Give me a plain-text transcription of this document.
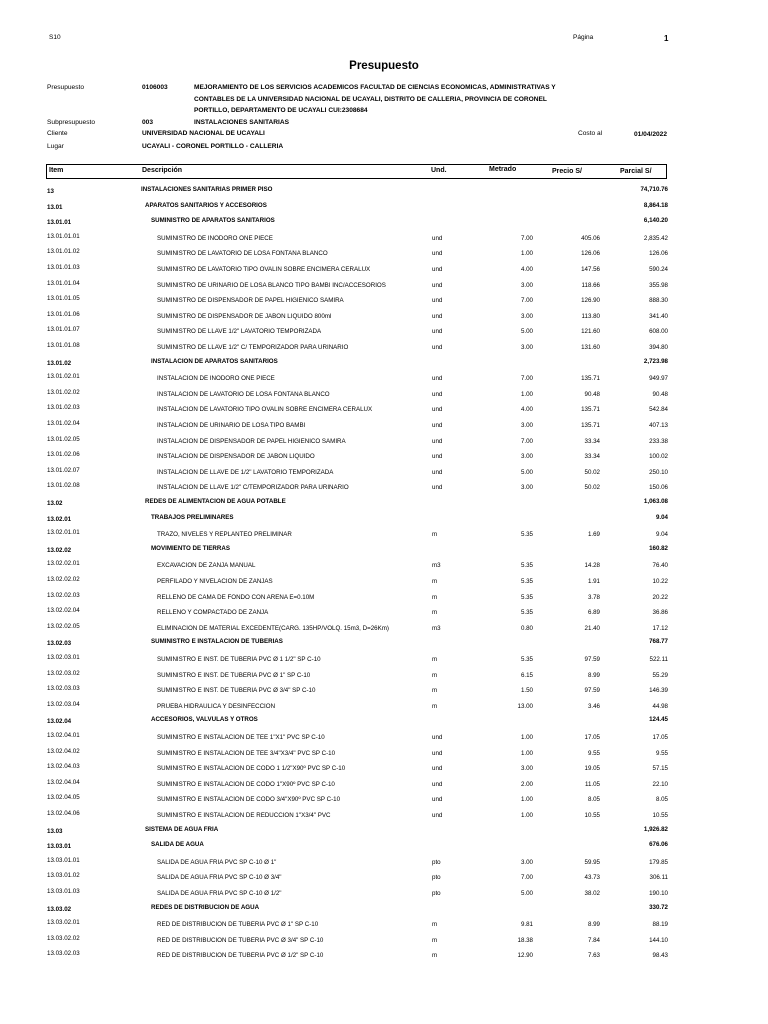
S10	Página	1
Presupuesto
Presupuesto	0106003	MEJORAMIENTO DE LOS SERVICIOS ACADEMICOS FACULTAD DE CIENCIAS ECONOMICAS, ADMINISTRATIVAS Y
CONTABLES DE LA UNIVERSIDAD NACIONAL DE UCAYALI, DISTRITO DE CALLERIA, PROVINCIA DE CORONEL
PORTILLO, DEPARTAMENTO DE UCAYALI CUI:2308684
Subpresupuesto	003	INSTALACIONES SANITARIAS
Cliente	UNIVERSIDAD NACIONAL DE UCAYALI	Costo al	01/04/2022
Lugar	UCAYALI - CORONEL PORTILLO - CALLERIA
Item	Descripción	Und.	Metrado	Precio S/	Parcial S/
13	INSTALACIONES SANITARIAS PRIMER PISO	74,710.76
13.01	APARATOS SANITARIOS Y ACCESORIOS	8,864.18
13.01.01	SUMINISTRO DE APARATOS SANITARIOS	6,140.20
13.01.01.01	SUMINISTRO DE INODORO ONE PIECE	und	7.00	405.06	2,835.42
13.01.01.02	SUMINISTRO DE LAVATORIO DE LOSA FONTANA BLANCO	und	1.00	126.06	126.06
13.01.01.03	SUMINISTRO DE LAVATORIO TIPO OVALIN SOBRE ENCIMERA CERALUX	und	4.00	147.56	590.24
13.01.01.04	SUMINISTRO DE URINARIO DE LOSA BLANCO TIPO BAMBI INC/ACCESORIOS	und	3.00	118.66	355.98
13.01.01.05	SUMINISTRO DE DISPENSADOR DE PAPEL HIGIENICO SAMIRA	und	7.00	126.90	888.30
13.01.01.06	SUMINISTRO DE DISPENSADOR DE JABON LIQUIDO 800ml	und	3.00	113.80	341.40
13.01.01.07	SUMINISTRO DE LLAVE 1/2" LAVATORIO TEMPORIZADA	und	5.00	121.60	608.00
13.01.01.08	SUMINISTRO DE LLAVE 1/2" C/ TEMPORIZADOR PARA URINARIO	und	3.00	131.60	394.80
13.01.02	INSTALACION DE APARATOS SANITARIOS	2,723.98
13.01.02.01	INSTALACION DE INODORO ONE PIECE	und	7.00	135.71	949.97
13.01.02.02	INSTALACION DE LAVATORIO DE LOSA FONTANA BLANCO	und	1.00	90.48	90.48
13.01.02.03	INSTALACION DE LAVATORIO TIPO OVALIN SOBRE ENCIMERA CERALUX	und	4.00	135.71	542.84
13.01.02.04	INSTALACION DE URINARIO DE LOSA TIPO BAMBI	und	3.00	135.71	407.13
13.01.02.05	INSTALACION DE DISPENSADOR DE PAPEL HIGIENICO SAMIRA	und	7.00	33.34	233.38
13.01.02.06	INSTALACION DE DISPENSADOR DE JABON LIQUIDO	und	3.00	33.34	100.02
13.01.02.07	INSTALACION DE LLAVE DE 1/2" LAVATORIO TEMPORIZADA	und	5.00	50.02	250.10
13.01.02.08	INSTALACION DE LLAVE 1/2" C/TEMPORIZADOR PARA URINARIO	und	3.00	50.02	150.06
13.02	REDES DE ALIMENTACION DE AGUA POTABLE	1,063.08
13.02.01	TRABAJOS PRELIMINARES	9.04
13.02.01.01	TRAZO, NIVELES Y REPLANTEO PRELIMINAR	m	5.35	1.69	9.04
13.02.02	MOVIMIENTO DE TIERRAS	160.82
13.02.02.01	EXCAVACION DE ZANJA MANUAL	m3	5.35	14.28	76.40
13.02.02.02	PERFILADO Y NIVELACION DE ZANJAS	m	5.35	1.91	10.22
13.02.02.03	RELLENO DE CAMA DE FONDO CON ARENA E=0.10M	m	5.35	3.78	20.22
13.02.02.04	RELLENO Y COMPACTADO DE ZANJA	m	5.35	6.89	36.86
13.02.02.05	ELIMINACION DE MATERIAL EXCEDENTE(CARG. 135HP/VOLQ. 15m3, D=26Km)	m3	0.80	21.40	17.12
13.02.03	SUMINISTRO E INSTALACION DE TUBERIAS	768.77
13.02.03.01	SUMINISTRO E INST. DE TUBERIA PVC Ø 1 1/2" SP C-10	m	5.35	97.59	522.11
13.02.03.02	SUMINISTRO E INST. DE TUBERIA PVC Ø 1" SP C-10	m	6.15	8.99	55.29
13.02.03.03	SUMINISTRO E INST. DE TUBERIA PVC Ø 3/4" SP C-10	m	1.50	97.59	146.39
13.02.03.04	PRUEBA HIDRAULICA Y DESINFECCION	m	13.00	3.46	44.98
13.02.04	ACCESORIOS, VALVULAS Y OTROS	124.45
13.02.04.01	SUMINISTRO E INSTALACION DE TEE 1"X1" PVC SP C-10	und	1.00	17.05	17.05
13.02.04.02	SUMINISTRO E INSTALACION DE TEE 3/4"X3/4" PVC SP C-10	und	1.00	9.55	9.55
13.02.04.03	SUMINISTRO E INSTALACION DE CODO 1 1/2"X90º PVC SP C-10	und	3.00	19.05	57.15
13.02.04.04	SUMINISTRO E INSTALACION DE CODO 1"X90º PVC SP C-10	und	2.00	11.05	22.10
13.02.04.05	SUMINISTRO E INSTALACION DE CODO 3/4"X90º PVC SP C-10	und	1.00	8.05	8.05
13.02.04.06	SUMINISTRO E INSTALACION DE REDUCCION 1"X3/4" PVC	und	1.00	10.55	10.55
13.03	SISTEMA DE AGUA FRIA	1,926.82
13.03.01	SALIDA DE AGUA	676.06
13.03.01.01	SALIDA DE AGUA FRIA PVC SP C-10 Ø 1"	pto	3.00	59.95	179.85
13.03.01.02	SALIDA DE AGUA FRIA PVC SP C-10 Ø 3/4"	pto	7.00	43.73	306.11
13.03.01.03	SALIDA DE AGUA FRIA PVC SP C-10 Ø 1/2"	pto	5.00	38.02	190.10
13.03.02	REDES DE DISTRIBUCION DE AGUA	330.72
13.03.02.01	RED DE DISTRIBUCION DE TUBERIA PVC Ø 1" SP C-10	m	9.81	8.99	88.19
13.03.02.02	RED DE DISTRIBUCION DE TUBERIA PVC Ø 3/4" SP C-10	m	18.38	7.84	144.10
13.03.02.03	RED DE DISTRIBUCION DE TUBERIA PVC Ø 1/2" SP C-10	m	12.90	7.63	98.43
